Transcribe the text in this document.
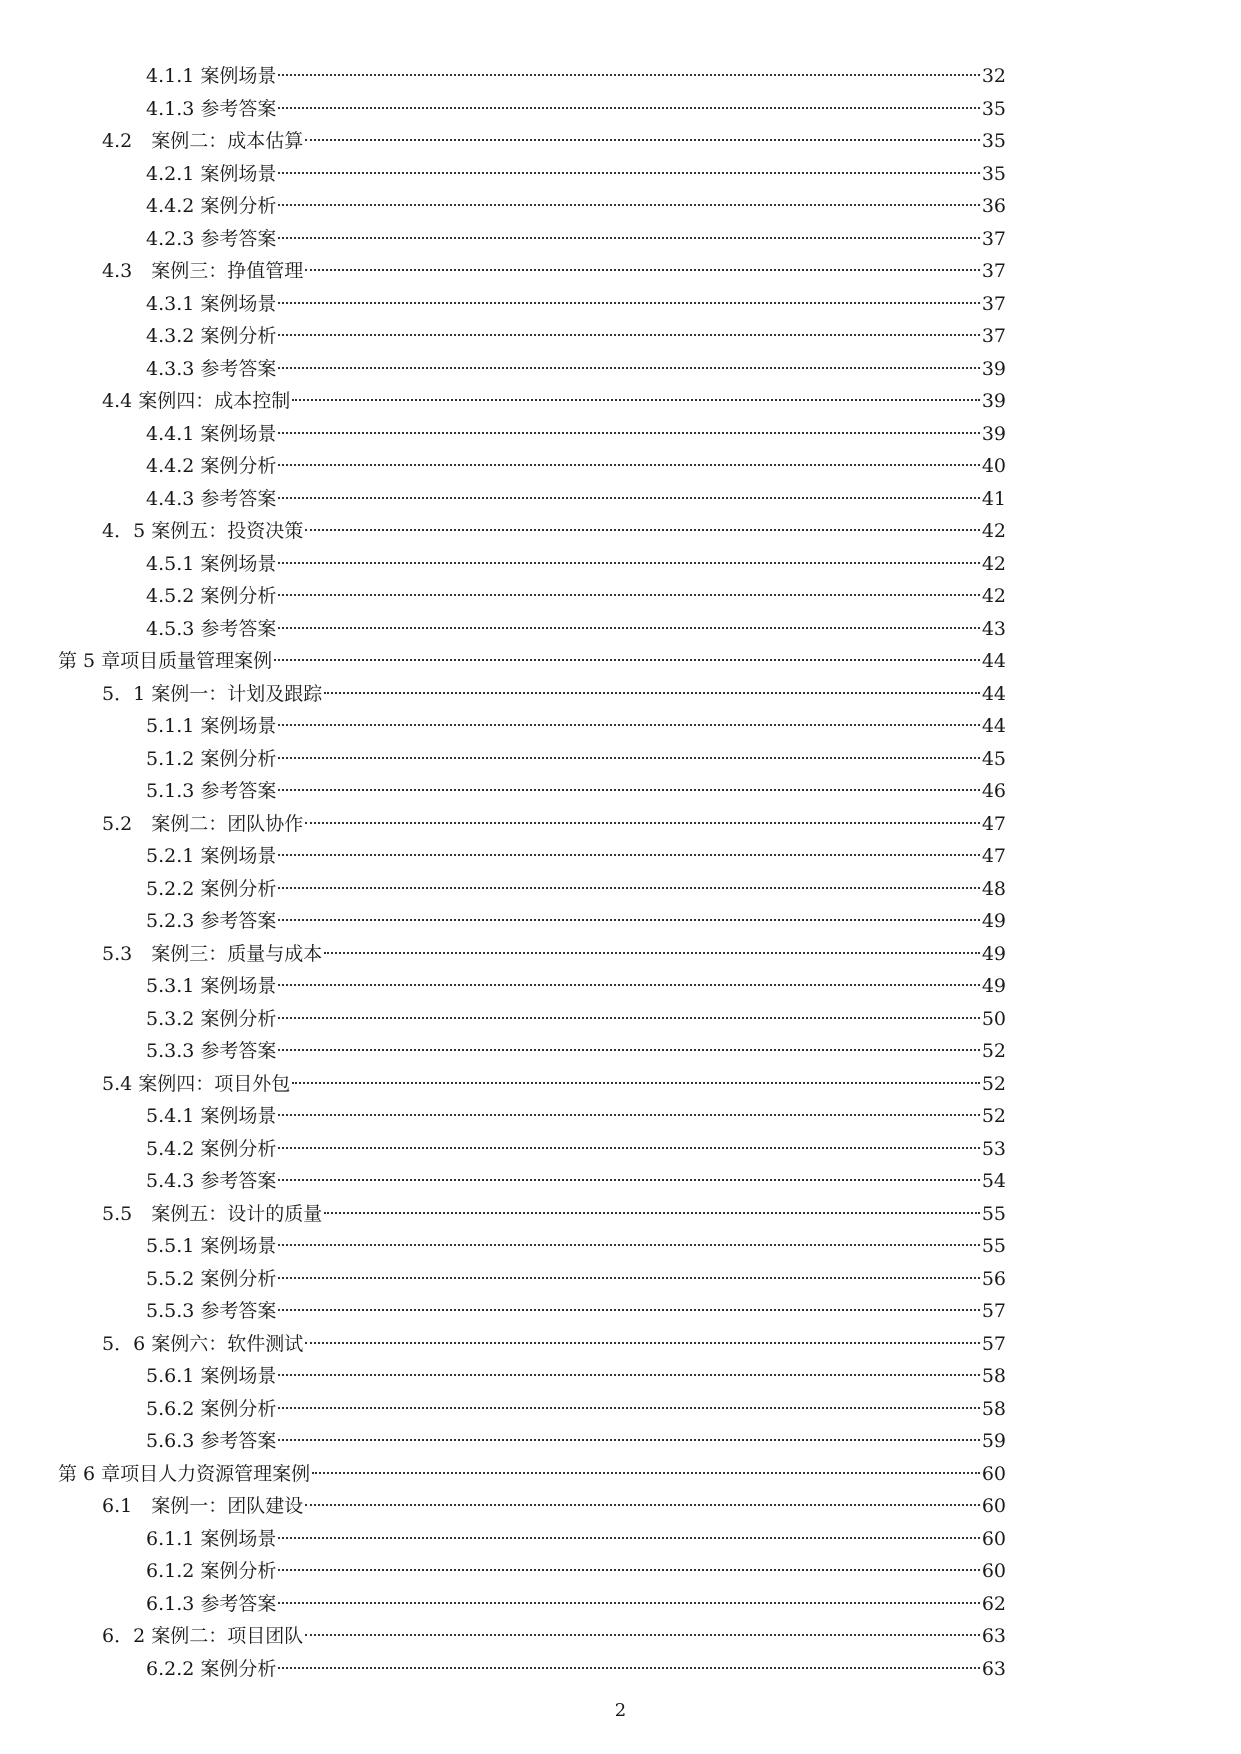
4.1.1 案例场景	32
4.1.3 参考答案	35
4.2　案例二：成本估算	35
4.2.1 案例场景	35
4.4.2 案例分析	36
4.2.3 参考答案	37
4.3　案例三：挣值管理	37
4.3.1 案例场景	37
4.3.2 案例分析	37
4.3.3 参考答案	39
4.4 案例四：成本控制	39
4.4.1 案例场景	39
4.4.2 案例分析	40
4.4.3 参考答案	41
4．5 案例五：投资决策	42
4.5.1 案例场景	42
4.5.2 案例分析	42
4.5.3 参考答案	43
第 5 章项目质量管理案例	44
5．1 案例一：计划及跟踪	44
5.1.1 案例场景	44
5.1.2 案例分析	45
5.1.3 参考答案	46
5.2　案例二：团队协作	47
5.2.1 案例场景	47
5.2.2 案例分析	48
5.2.3 参考答案	49
5.3　案例三：质量与成本	49
5.3.1 案例场景	49
5.3.2 案例分析	50
5.3.3 参考答案	52
5.4 案例四：项目外包	52
5.4.1 案例场景	52
5.4.2 案例分析	53
5.4.3 参考答案	54
5.5　案例五：设计的质量	55
5.5.1 案例场景	55
5.5.2 案例分析	56
5.5.3 参考答案	57
5．6 案例六：软件测试	57
5.6.1 案例场景	58
5.6.2 案例分析	58
5.6.3 参考答案	59
第 6 章项目人力资源管理案例	60
6.1　案例一：团队建设	60
6.1.1 案例场景	60
6.1.2 案例分析	60
6.1.3 参考答案	62
6．2 案例二：项目团队	63
6.2.2 案例分析	63
2
